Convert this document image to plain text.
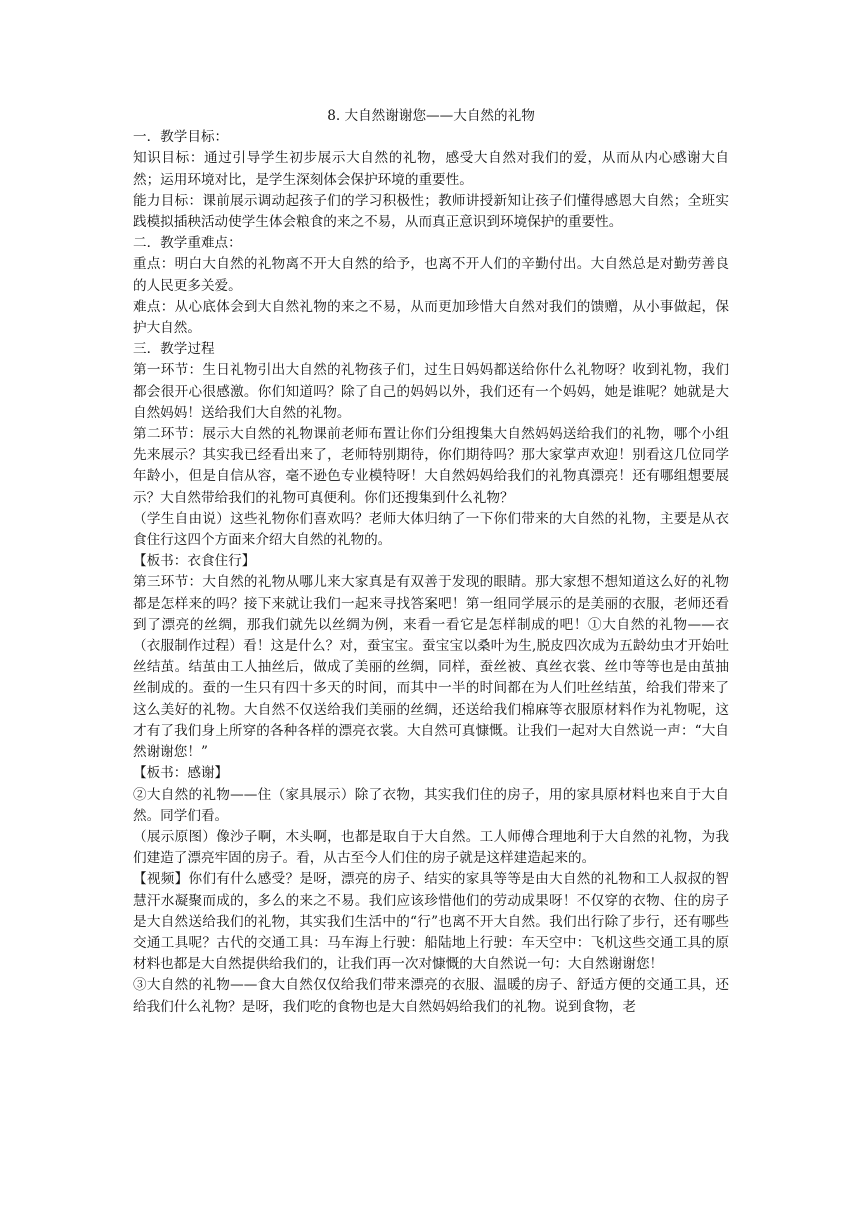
8. 大自然谢谢您——大自然的礼物

一．教学目标：

知识目标：通过引导学生初步展示大自然的礼物，感受大自然对我们的爱，从而从内心感谢大自然；运用环境对比，是学生深刻体会保护环境的重要性。

能力目标：课前展示调动起孩子们的学习积极性；教师讲授新知让孩子们懂得感恩大自然；全班实践模拟插秧活动使学生体会粮食的来之不易，从而真正意识到环境保护的重要性。

二．教学重难点：

重点：明白大自然的礼物离不开大自然的给予，也离不开人们的辛勤付出。大自然总是对勤劳善良的人民更多关爱。

难点：从心底体会到大自然礼物的来之不易，从而更加珍惜大自然对我们的馈赠，从小事做起，保护大自然。

三．教学过程

第一环节：生日礼物引出大自然的礼物孩子们，过生日妈妈都送给你什么礼物呀？收到礼物，我们都会很开心很感激。你们知道吗？除了自己的妈妈以外，我们还有一个妈妈，她是谁呢？她就是大自然妈妈！送给我们大自然的礼物。

第二环节：展示大自然的礼物课前老师布置让你们分组搜集大自然妈妈送给我们的礼物，哪个小组先来展示？其实我已经看出来了，老师特别期待，你们期待吗？那大家掌声欢迎！别看这几位同学年龄小，但是自信从容，毫不逊色专业模特呀！大自然妈妈给我们的礼物真漂亮！还有哪组想要展示？大自然带给我们的礼物可真便利。你们还搜集到什么礼物？

（学生自由说）这些礼物你们喜欢吗？老师大体归纳了一下你们带来的大自然的礼物，主要是从衣食住行这四个方面来介绍大自然的礼物的。

【板书：衣食住行】

第三环节：大自然的礼物从哪儿来大家真是有双善于发现的眼睛。那大家想不想知道这么好的礼物都是怎样来的吗？接下来就让我们一起来寻找答案吧！第一组同学展示的是美丽的衣服，老师还看到了漂亮的丝绸，那我们就先以丝绸为例，来看一看它是怎样制成的吧！①大自然的礼物——衣（衣服制作过程）看！这是什么？对，蚕宝宝。蚕宝宝以桑叶为生,脱皮四次成为五龄幼虫才开始吐丝结茧。结茧由工人抽丝后，做成了美丽的丝绸，同样，蚕丝被、真丝衣裳、丝巾等等也是由茧抽丝制成的。蚕的一生只有四十多天的时间，而其中一半的时间都在为人们吐丝结茧，给我们带来了这么美好的礼物。大自然不仅送给我们美丽的丝绸，还送给我们棉麻等衣服原材料作为礼物呢，这才有了我们身上所穿的各种各样的漂亮衣裳。大自然可真慷慨。让我们一起对大自然说一声：“大自然谢谢您！”

【板书：感谢】

②大自然的礼物——住（家具展示）除了衣物，其实我们住的房子，用的家具原材料也来自于大自然。同学们看。

（展示原图）像沙子啊，木头啊，也都是取自于大自然。工人师傅合理地利于大自然的礼物，为我们建造了漂亮牢固的房子。看，从古至今人们住的房子就是这样建造起来的。

【视频】你们有什么感受？是呀，漂亮的房子、结实的家具等等是由大自然的礼物和工人叔叔的智慧汗水凝聚而成的，多么的来之不易。我们应该珍惜他们的劳动成果呀！不仅穿的衣物、住的房子是大自然送给我们的礼物，其实我们生活中的“行”也离不开大自然。我们出行除了步行，还有哪些交通工具呢？古代的交通工具：马车海上行驶：船陆地上行驶：车天空中：飞机这些交通工具的原材料也都是大自然提供给我们的，让我们再一次对慷慨的大自然说一句：大自然谢谢您！

③大自然的礼物——食大自然仅仅给我们带来漂亮的衣服、温暖的房子、舒适方便的交通工具，还给我们什么礼物？是呀，我们吃的食物也是大自然妈妈给我们的礼物。说到食物，老
